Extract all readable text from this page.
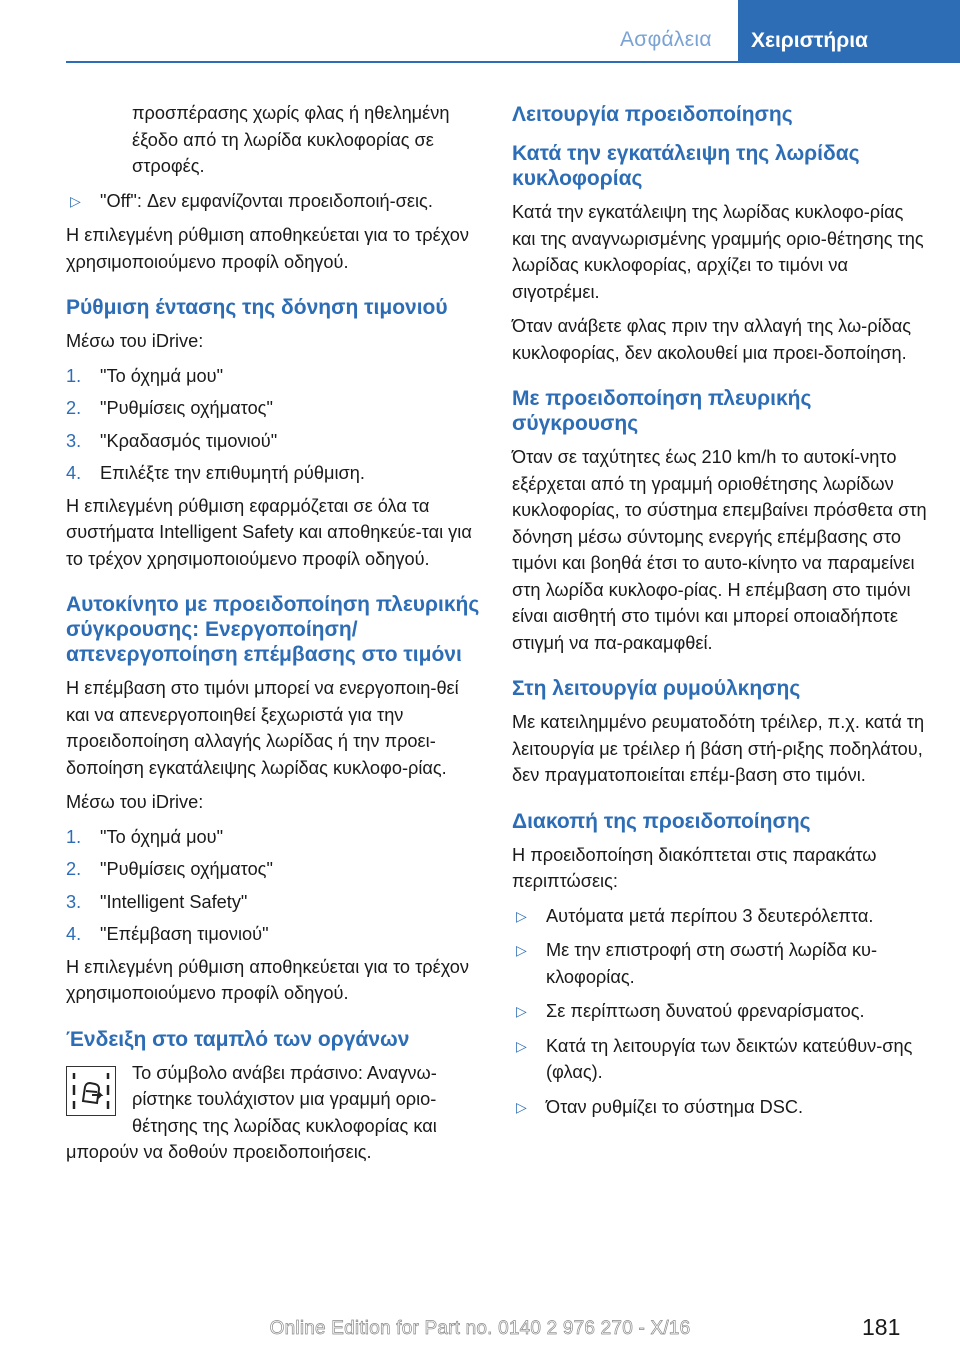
Ασφάλεια	Χειριστήρια
προσπέρασης χωρίς φλας ή ηθελημένη έξοδο από τη λωρίδα κυκλοφορίας σε στροφές.
▷ "Off": Δεν εμφανίζονται προειδοποιή-σεις.
Η επιλεγμένη ρύθμιση αποθηκεύεται για το τρέχον χρησιμοποιούμενο προφίλ οδηγού.
Ρύθμιση έντασης της δόνηση τιμονιού
Μέσω του iDrive:
1. "Το όχημά μου"
2. "Ρυθμίσεις οχήματος"
3. "Κραδασμός τιμονιού"
4. Επιλέξτε την επιθυμητή ρύθμιση.
Η επιλεγμένη ρύθμιση εφαρμόζεται σε όλα τα συστήματα Intelligent Safety και αποθηκεύε-ται για το τρέχον χρησιμοποιούμενο προφίλ οδηγού.
Αυτοκίνητο με προειδοποίηση πλευρικής σύγκρουσης: Ενεργοποίηση/απενεργοποίηση επέμβασης στο τιμόνι
Η επέμβαση στο τιμόνι μπορεί να ενεργοποιη-θεί και να απενεργοποιηθεί ξεχωριστά για την προειδοποίηση αλλαγής λωρίδας ή την προει-δοποίηση εγκατάλειψης λωρίδας κυκλοφο-ρίας.
Μέσω του iDrive:
1. "Το όχημά μου"
2. "Ρυθμίσεις οχήματος"
3. "Intelligent Safety"
4. "Επέμβαση τιμονιού"
Η επιλεγμένη ρύθμιση αποθηκεύεται για το τρέχον χρησιμοποιούμενο προφίλ οδηγού.
Ένδειξη στο ταμπλό των οργάνων
Το σύμβολο ανάβει πράσινο: Αναγνω-ρίστηκε τουλάχιστον μια γραμμή οριο-θέτησης της λωρίδας κυκλοφορίας και
μπορούν να δοθούν προειδοποιήσεις.
Λειτουργία προειδοποίησης
Κατά την εγκατάλειψη της λωρίδας κυκλοφορίας
Κατά την εγκατάλειψη της λωρίδας κυκλοφο-ρίας και της αναγνωρισμένης γραμμής οριο-θέτησης της λωρίδας κυκλοφορίας, αρχίζει το τιμόνι να σιγοτρέμει.
Όταν ανάβετε φλας πριν την αλλαγή της λω-ρίδας κυκλοφορίας, δεν ακολουθεί μια προει-δοποίηση.
Με προειδοποίηση πλευρικής σύγκρουσης
Όταν σε ταχύτητες έως 210 km/h το αυτοκί-νητο εξέρχεται από τη γραμμή οριοθέτησης λωρίδων κυκλοφορίας, το σύστημα επεμβαίνει πρόσθετα στη δόνηση μέσω σύντομης ενεργής επέμβασης στο τιμόνι και βοηθά έτσι το αυτο-κίνητο να παραμείνει στη λωρίδα κυκλοφο-ρίας. Η επέμβαση στο τιμόνι είναι αισθητή στο τιμόνι και μπορεί οποιαδήποτε στιγμή να πα-ρακαμφθεί.
Στη λειτουργία ρυμούλκησης
Με κατειλημμένο ρευματοδότη τρέιλερ, π.χ. κατά τη λειτουργία με τρέιλερ ή βάση στή-ριξης ποδηλάτου, δεν πραγματοποιείται επέμ-βαση στο τιμόνι.
Διακοπή της προειδοποίησης
Η προειδοποίηση διακόπτεται στις παρακάτω περιπτώσεις:
▷ Αυτόματα μετά περίπου 3 δευτερόλεπτα.
▷ Με την επιστροφή στη σωστή λωρίδα κυ-κλοφορίας.
▷ Σε περίπτωση δυνατού φρεναρίσματος.
▷ Κατά τη λειτουργία των δεικτών κατεύθυν-σης (φλας).
▷ Όταν ρυθμίζει το σύστημα DSC.
181
Online Edition for Part no. 0140 2 976 270 - X/16
